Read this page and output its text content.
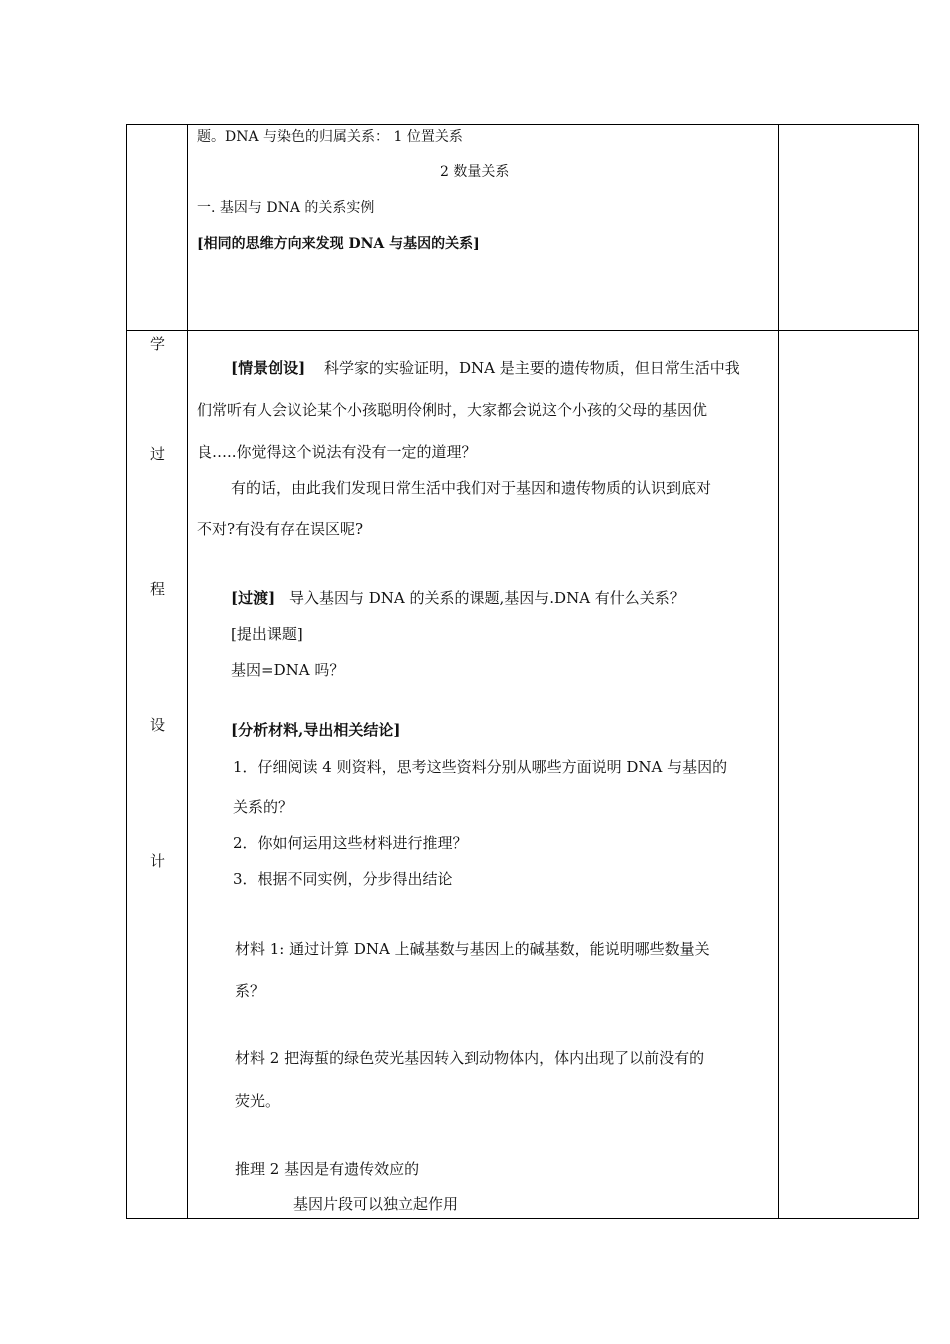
题。DNA 与染色的归属关系： 1 位置关系
2 数量关系
一. 基因与 DNA 的关系实例
[相同的思维方向来发现 DNA 与基因的关系]
学
过
程
设
计
[情景创设] 科学家的实验证明，DNA 是主要的遗传物质，但日常生活中我
们常听有人会议论某个小孩聪明伶俐时，大家都会说这个小孩的父母的基因优
良…..你觉得这个说法有没有一定的道理？
有的话，由此我们发现日常生活中我们对于基因和遗传物质的认识到底对
不对?有没有存在误区呢?
[过渡] 导入基因与 DNA 的关系的课题,基因与.DNA 有什么关系？
[提出课题]
基因=DNA 吗？
[分析材料,导出相关结论]
1．仔细阅读 4 则资料，思考这些资料分别从哪些方面说明 DNA 与基因的
关系的？
2．你如何运用这些材料进行推理？
3．根据不同实例，分步得出结论
材料 1: 通过计算 DNA 上碱基数与基因上的碱基数，能说明哪些数量关
系？
材料 2 把海蜇的绿色荧光基因转入到动物体内，体内出现了以前没有的
荧光。
推理 2 基因是有遗传效应的
基因片段可以独立起作用
